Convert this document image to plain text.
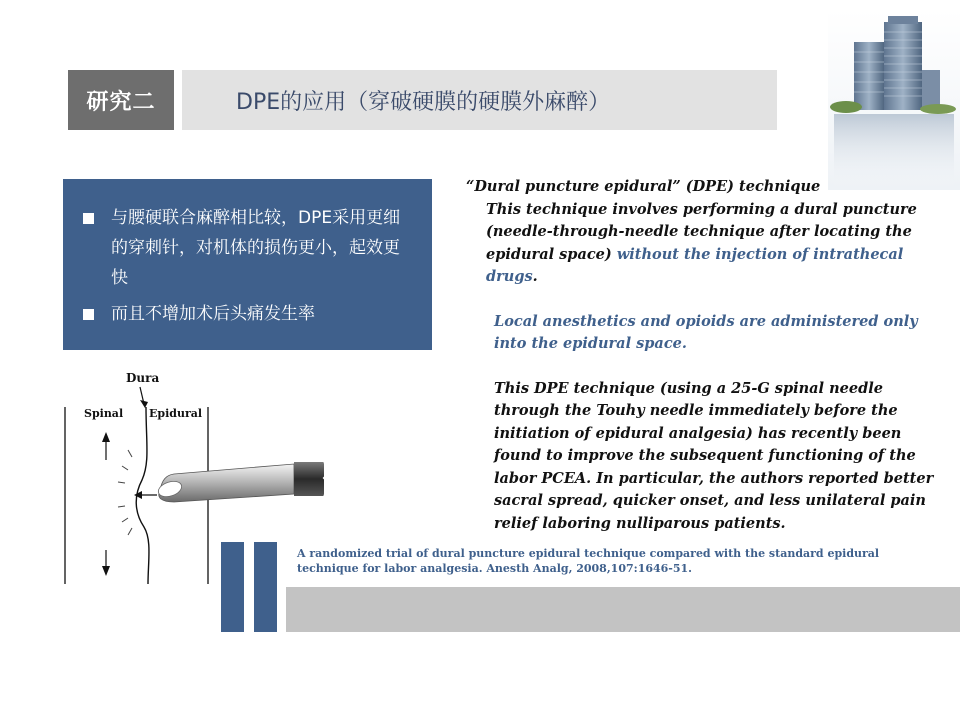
研究二	DPE的应用（穿破硬膜的硬膜外麻醉）
与腰硬联合麻醉相比较，DPE采用更细的穿刺针，对机体的损伤更小，起效更快
而且不增加术后头痛发生率
Dura
Spinal Epidural

“Dural puncture epidural” (DPE) technique

This technique involves performing a dural puncture (needle-through-needle technique after locating the epidural space) without the injection of intrathecal drugs.

Local anesthetics and opioids are administered only into the epidural space.

This DPE technique (using a 25-G spinal needle through the Touhy needle immediately before the initiation of epidural analgesia) has recently been found to improve the subsequent functioning of the labor PCEA. In particular, the authors reported better sacral spread, quicker onset, and less unilateral pain relief laboring nulliparous patients.

A randomized trial of dural puncture epidural technique compared with the standard epidural technique for labor analgesia. Anesth Analg, 2008,107:1646-51.
